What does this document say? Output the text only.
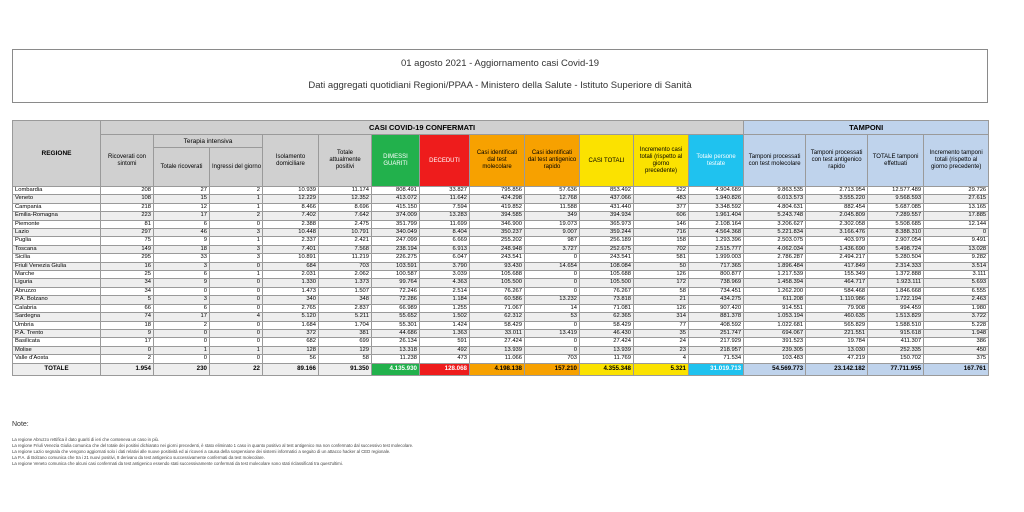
01 agosto 2021 - Aggiornamento casi Covid-19
Dati aggregati quotidiani Regioni/PPAA - Ministero della Salute - Istituto Superiore di Sanità
REGIONE	CASI COVID-19 CONFERMATI												TAMPONI			
	Ricoverati con sintomi	Terapia intensiva		Isolamento domiciliare	Totale attualmente positivi	DIMESSI GUARITI	DECEDUTI	Casi identificati dal test molecolare	Casi identificati dal test antigenico rapido	CASI TOTALI	Incremento casi totali (rispetto al giorno precedente)	Totale persone testate	Tamponi processati con test molecolare	Tamponi processati con test antigenico rapido	TOTALE tamponi effettuati	Incremento tamponi totali (rispetto al giorno precedente)
		Totale ricoverati	Ingressi del giorno													
Lombardia	208	27	2	10.939	11.174	808.491	33.827	795.856	57.636	853.492	522	4.904.689	9.863.535	2.713.954	12.577.489	29.726
Veneto	108	15	1	12.229	12.352	413.072	11.642	424.298	12.768	437.066	483	1.940.826	6.013.573	3.555.220	9.568.593	27.615
Campania	218	12	1	8.466	8.696	415.150	7.594	419.852	11.588	431.440	377	3.348.592	4.804.631	882.454	5.687.085	13.165
Emilia-Romagna	223	17	2	7.402	7.642	374.009	13.283	394.585	349	394.934	606	1.961.404	5.243.748	2.045.809	7.289.557	17.885
Piemonte	81	6	0	2.388	2.475	351.799	11.699	346.900	19.073	365.973	146	2.108.164	3.206.627	2.302.058	5.508.685	12.144
Lazio	297	46	3	10.448	10.791	340.049	8.404	350.237	9.007	359.244	716	4.564.368	5.221.834	3.166.476	8.388.310	0
Puglia	75	9	1	2.337	2.421	247.099	6.669	255.202	987	256.189	158	1.293.396	2.503.075	403.979	2.907.054	9.491
Toscana	149	18	3	7.401	7.568	238.194	6.913	248.948	3.727	252.675	702	2.515.777	4.062.034	1.436.690	5.498.724	13.028
Sicilia	295	33	3	10.891	11.219	226.275	6.047	243.541	0	243.541	581	1.999.003	2.786.287	2.494.217	5.280.504	9.282
Friuli Venezia Giulia	16	3	0	684	703	103.591	3.790	93.430	14.654	108.084	50	717.365	1.896.484	417.849	2.314.333	3.514
Marche	25	6	1	2.031	2.062	100.587	3.039	105.688	0	105.688	126	800.877	1.217.539	155.349	1.372.888	3.111
Liguria	34	9	0	1.330	1.373	99.764	4.363	105.500	0	105.500	172	738.969	1.458.394	464.717	1.923.111	5.693
Abruzzo	34	0	0	1.473	1.507	72.246	2.514	76.267	0	76.267	58	734.451	1.262.200	584.468	1.846.668	6.555
P.A. Bolzano	5	3	0	340	348	72.286	1.184	60.586	13.232	73.818	21	434.275	611.208	1.110.986	1.722.194	2.463
Calabria	66	6	0	2.765	2.837	66.989	1.255	71.067	14	71.081	126	907.420	914.551	79.908	994.459	1.980
Sardegna	74	17	4	5.120	5.211	55.652	1.502	62.312	53	62.365	314	881.378	1.053.194	460.635	1.513.829	3.722
Umbria	18	2	0	1.684	1.704	55.301	1.424	58.429	0	58.429	77	408.592	1.022.681	565.829	1.588.510	5.228
P.A. Trento	9	0	0	372	381	44.686	1.363	33.011	13.419	46.430	35	251.747	694.067	221.551	915.618	1.948
Basilicata	17	0	0	682	699	26.134	591	27.424	0	27.424	24	217.929	391.523	19.784	411.307	386
Molise	0	1	1	128	129	13.318	492	13.939	0	13.939	23	218.957	239.305	13.030	252.335	450
Valle d'Aosta	2	0	0	56	58	11.238	473	11.066	703	11.769	4	71.534	103.483	47.219	150.702	375
TOTALE	1.954	230	22	89.166	91.350	4.135.930	128.068	4.198.138	157.210	4.355.348	5.321	31.019.713	54.569.773	23.142.182	77.711.955	167.761
Note:
La regione Abruzzo rettifica il dato guariti di ieri che conteneva un caso in più.
La regione Friuli Venezia Giulia comunica che del totale dei positivi dichiarato nei giorni precedenti, è stato eliminato 1 caso in quanto positivo al test antigenico ma non confermato dal successivo test molecolare.
La regione Lazio segnala che vengono aggiornati solo i dati relativi alle nuove positività ed ai ricoveri a causa della sospensione dei sistemi informatici a seguito di un attacco hacker al CED regionale.
La P.A. di Bolzano comunica che tra i 21 nuovi positivi, 8 derivano da test antigenico successivamente confermati da test molecolare.
La regione Veneto comunica che alcuni casi confermati da test antigenico essendo stati successivamente confermati da test molecolare sono stati riclassificati tra quest'ultimi.
